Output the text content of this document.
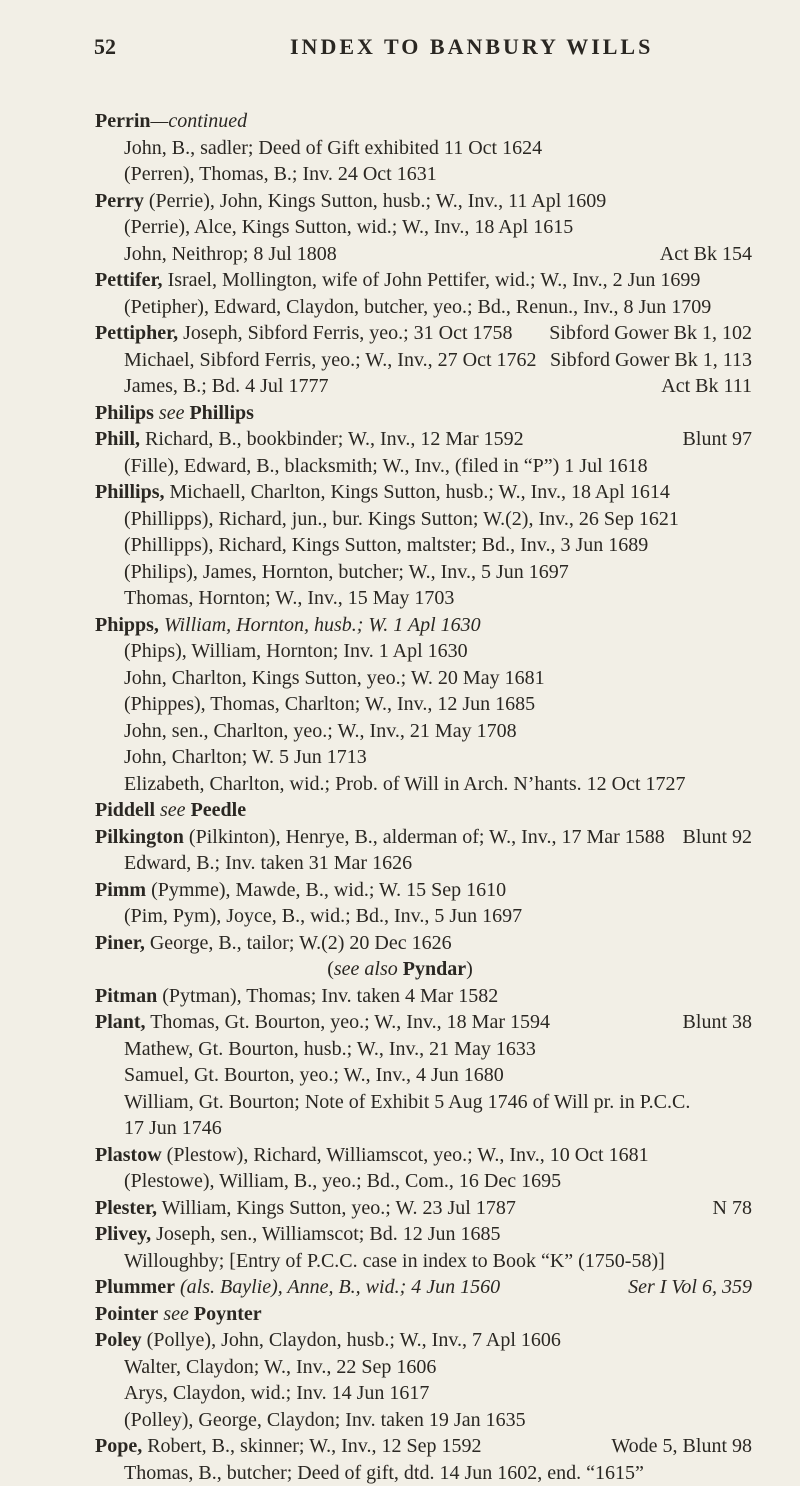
52	INDEX TO BANBURY WILLS
Perrin—continued
John, B., sadler; Deed of Gift exhibited 11 Oct 1624
(Perren), Thomas, B.; Inv. 24 Oct 1631
Perry (Perrie), John, Kings Sutton, husb.; W., Inv., 11 Apl 1609
(Perrie), Alce, Kings Sutton, wid.; W., Inv., 18 Apl 1615
John, Neithrop; 8 Jul 1808	Act Bk 154
Pettifer, Israel, Mollington, wife of John Pettifer, wid.; W., Inv., 2 Jun 1699
(Petipher), Edward, Claydon, butcher, yeo.; Bd., Renun., Inv., 8 Jun 1709
Pettipher, Joseph, Sibford Ferris, yeo.; 31 Oct 1758 Sibford Gower Bk 1, 102
Michael, Sibford Ferris, yeo.; W., Inv., 27 Oct 1762 Sibford Gower Bk 1, 113
James, B.; Bd. 4 Jul 1777	Act Bk 111
Philips see Phillips
Phill, Richard, B., bookbinder; W., Inv., 12 Mar 1592	Blunt 97
(Fille), Edward, B., blacksmith; W., Inv., (filed in “P”) 1 Jul 1618
Phillips, Michaell, Charlton, Kings Sutton, husb.; W., Inv., 18 Apl 1614
(Phillipps), Richard, jun., bur. Kings Sutton; W.(2), Inv., 26 Sep 1621
(Phillipps), Richard, Kings Sutton, maltster; Bd., Inv., 3 Jun 1689
(Philips), James, Hornton, butcher; W., Inv., 5 Jun 1697
Thomas, Hornton; W., Inv., 15 May 1703
Phipps, William, Hornton, husb.; W. 1 Apl 1630
(Phips), William, Hornton; Inv. 1 Apl 1630
John, Charlton, Kings Sutton, yeo.; W. 20 May 1681
(Phippes), Thomas, Charlton; W., Inv., 12 Jun 1685
John, sen., Charlton, yeo.; W., Inv., 21 May 1708
John, Charlton; W. 5 Jun 1713
Elizabeth, Charlton, wid.; Prob. of Will in Arch. N’hants. 12 Oct 1727
Piddell see Peedle
Pilkington (Pilkinton), Henrye, B., alderman of; W., Inv., 17 Mar 1588 Blunt 92
Edward, B.; Inv. taken 31 Mar 1626
Pimm (Pymme), Mawde, B., wid.; W. 15 Sep 1610
(Pim, Pym), Joyce, B., wid.; Bd., Inv., 5 Jun 1697
Piner, George, B., tailor; W.(2) 20 Dec 1626
(see also Pyndar)
Pitman (Pytman), Thomas; Inv. taken 4 Mar 1582
Plant, Thomas, Gt. Bourton, yeo.; W., Inv., 18 Mar 1594	Blunt 38
Mathew, Gt. Bourton, husb.; W., Inv., 21 May 1633
Samuel, Gt. Bourton, yeo.; W., Inv., 4 Jun 1680
William, Gt. Bourton; Note of Exhibit 5 Aug 1746 of Will pr. in P.C.C.
17 Jun 1746
Plastow (Plestow), Richard, Williamscot, yeo.; W., Inv., 10 Oct 1681
(Plestowe), William, B., yeo.; Bd., Com., 16 Dec 1695
Plester, William, Kings Sutton, yeo.; W. 23 Jul 1787	N 78
Plivey, Joseph, sen., Williamscot; Bd. 12 Jun 1685
Willoughby; [Entry of P.C.C. case in index to Book “K” (1750-58)]
Plummer (als. Baylie), Anne, B., wid.; 4 Jun 1560	Ser I Vol 6, 359
Pointer see Poynter
Poley (Pollye), John, Claydon, husb.; W., Inv., 7 Apl 1606
Walter, Claydon; W., Inv., 22 Sep 1606
Arys, Claydon, wid.; Inv. 14 Jun 1617
(Polley), George, Claydon; Inv. taken 19 Jan 1635
Pope, Robert, B., skinner; W., Inv., 12 Sep 1592	Wode 5, Blunt 98
Thomas, B., butcher; Deed of gift, dtd. 14 Jun 1602, end. “1615”
